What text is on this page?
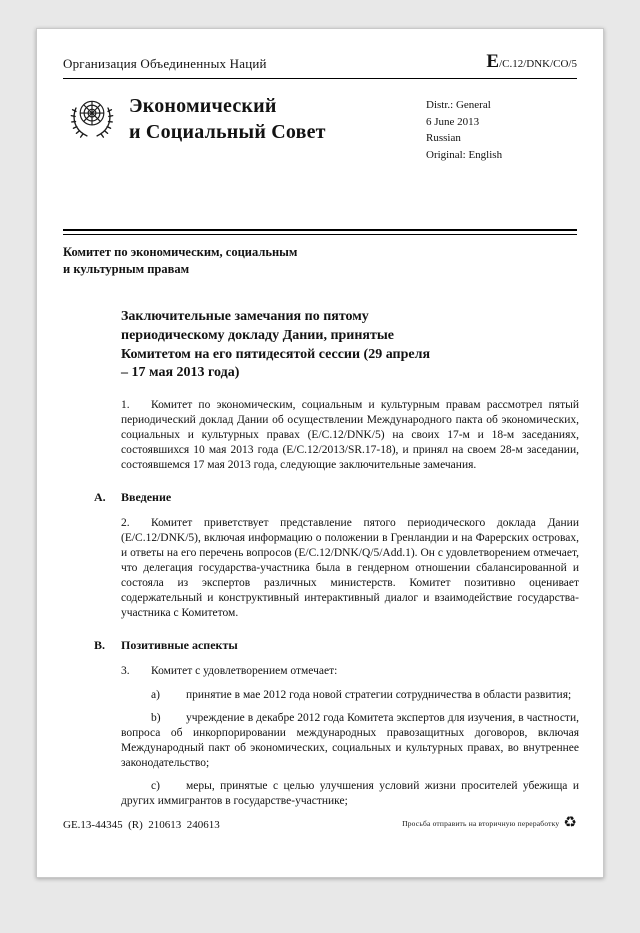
Организация Объединенных Наций	E/C.12/DNK/CO/5
Экономический
и Социальный Совет
Distr.: General
6 June 2013
Russian
Original: English
Комитет по экономическим, социальным
и культурным правам
Заключительные замечания по пятому периодическому докладу Дании, принятые Комитетом на его пятидесятой сессии (29 апреля – 17 мая 2013 года)

1. Комитет по экономическим, социальным и культурным правам рассмотрел пятый периодический доклад Дании об осуществлении Международного пакта об экономических, социальных и культурных правах (E/C.12/DNK/5) на своих 17-м и 18-м заседаниях, состоявшихся 10 мая 2013 года (E/C.12/2013/SR.17-18), и принял на своем 28-м заседании, состоявшемся 17 мая 2013 года, следующие заключительные замечания.

A. Введение

2. Комитет приветствует представление пятого периодического доклада Дании (E/C.12/DNK/5), включая информацию о положении в Гренландии и на Фарерских островах, и ответы на его перечень вопросов (E/C.12/DNK/Q/5/Add.1). Он с удовлетворением отмечает, что делегация государства-участника была в гендерном отношении сбалансированной и состояла из экспертов различных министерств. Комитет позитивно оценивает содержательный и конструктивный интерактивный диалог и взаимодействие государства-участника с Комитетом.

B. Позитивные аспекты

3. Комитет с удовлетворением отмечает:

a) принятие в мае 2012 года новой стратегии сотрудничества в области развития;

b) учреждение в декабре 2012 года Комитета экспертов для изучения, в частности, вопроса об инкорпорировании международных правозащитных договоров, включая Международный пакт об экономических, социальных и культурных правах, во внутреннее законодательство;

c) меры, принятые с целью улучшения условий жизни просителей убежища и других иммигрантов в государстве-участнике;

GE.13-44345  (R)  210613  240613	Просьба отправить на вторичную переработку ♻
